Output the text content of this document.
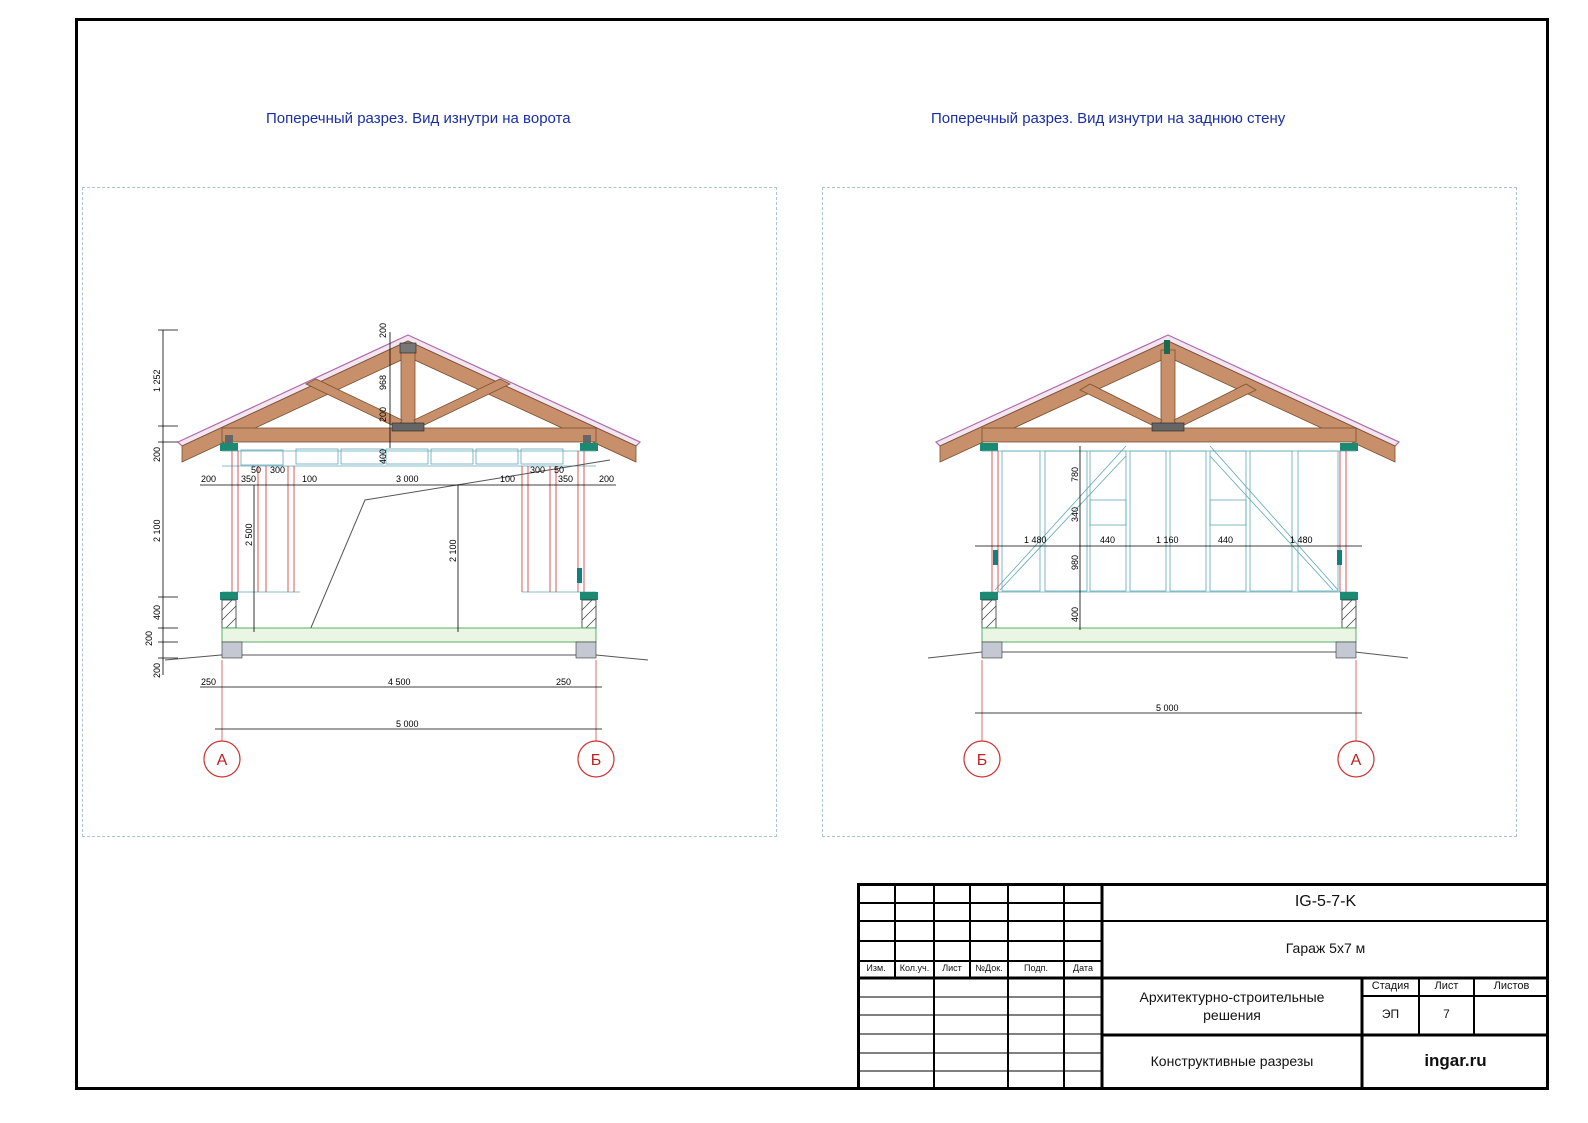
Поперечный разрез. Вид изнутри на ворота	Поперечный разрез. Вид изнутри на заднюю стену
А	Б
200	350
50 300
100	3 000	100
300 50
350	200
250	4 500	250
5 000
1 252
200
2 100
400
200
200
200
968
200
400
2 500
2 100
Б	А
1 480	440	1 160	440	1 480
5 000
780
340
980
400
Изм.	Кол.уч.	Лист	№Док.	Подп.	Дата
IG-5-7-K
Гараж 5х7 м
Архитектурно-строительные решения
Конструктивные разрезы
Стадия	Лист	Листов
ЭП	7
ingar.ru
